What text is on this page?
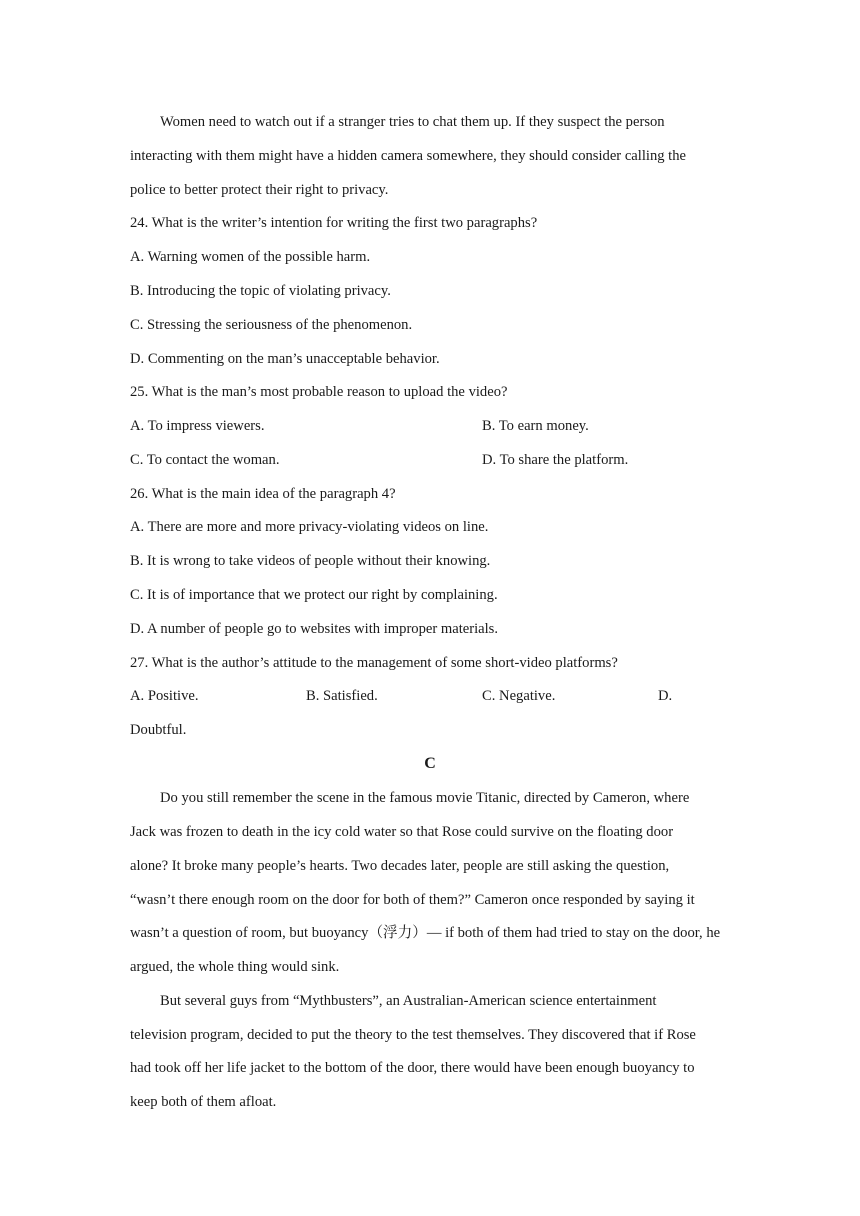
Women need to watch out if a stranger tries to chat them up. If they suspect the person
interacting with them might have a hidden camera somewhere, they should consider calling the
police to better protect their right to privacy.
24. What is the writer’s intention for writing the first two paragraphs?
A. Warning women of the possible harm.
B. Introducing the topic of violating privacy.
C. Stressing the seriousness of the phenomenon.
D. Commenting on the man’s unacceptable behavior.
25. What is the man’s most probable reason to upload the video?
A. To impress viewers.	B. To earn money.
C. To contact the woman.	D. To share the platform.
26. What is the main idea of the paragraph 4?
A. There are more and more privacy-violating videos on line.
B. It is wrong to take videos of people without their knowing.
C. It is of importance that we protect our right by complaining.
D. A number of people go to websites with improper materials.
27. What is the author’s attitude to the management of some short-video platforms?
A. Positive.	B. Satisfied.	C. Negative.	D.
Doubtful.
C
Do you still remember the scene in the famous movie Titanic, directed by Cameron, where
Jack was frozen to death in the icy cold water so that Rose could survive on the floating door
alone? It broke many people’s hearts. Two decades later, people are still asking the question,
“wasn’t there enough room on the door for both of them?” Cameron once responded by saying it
wasn’t a question of room, but buoyancy（浮力）— if both of them had tried to stay on the door, he
argued, the whole thing would sink.
But several guys from “Mythbusters”, an Australian-American science entertainment
television program, decided to put the theory to the test themselves. They discovered that if Rose
had took off her life jacket to the bottom of the door, there would have been enough buoyancy to
keep both of them afloat.
